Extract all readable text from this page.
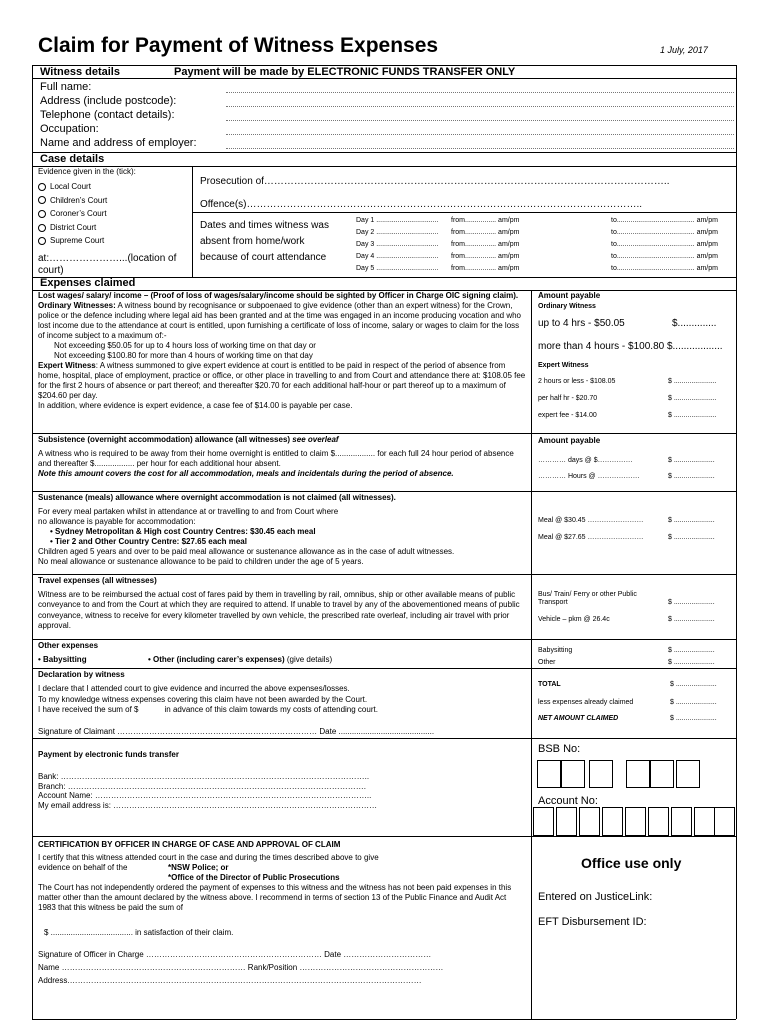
Claim for Payment of Witness Expenses	1 July, 2017
Witness details	Payment will be made by ELECTRONIC FUNDS TRANSFER ONLY
Full name:
Address (include postcode):
Telephone (contact details):
Occupation:
Name and address of employer:
Case details
Evidence given in the (tick):
Local Court
Children’s Court
Coroner’s Court
District Court
Supreme Court
at:…………………...(location of court)
Prosecution of…………………………………………………………………………………………………………..
Offence(s)………………………………………………………………………………………………………..
Dates and times witness was absent from home/work because of court attendance
Day 1 ................................ from................ am/pm	to........................................ am/pm
Day 2 ................................ from................ am/pm	to........................................ am/pm
Day 3 ................................ from................ am/pm	to........................................ am/pm
Day 4 ................................ from................ am/pm	to........................................ am/pm
Day 5 ................................ from................ am/pm	to........................................ am/pm
Expenses claimed

Lost wages/ salary/ income – (Proof of loss of wages/salary/income should be sighted by Officer in Charge OIC signing claim).

Ordinary Witnesses: A witness bound by recognisance or subpoenaed to give evidence (other than an expert witness) for the Crown, police or the defence including where legal aid has been granted and at the time was engaged in an income producing vocation and who lost income due to the attendance at court is entitled, upon furnishing a certificate of loss of income, salary or wages to claim for the loss of income subject to a maximum of:-

Not exceeding $50.05 for up to 4 hours loss of working time on that day or

Not exceeding $100.80 for more than 4 hours of working time on that day

Expert Witness: A witness summoned to give expert evidence at court is entitled to be paid in respect of the period of absence from home, hospital, place of employment, practice or office, or other place in travelling to and from Court and attendance there at: $108.05 fee for the first 2 hours of absence or part thereof; and thereafter $20.70 for each additional half-hour or part thereof up to a maximum of $204.60 per day.

In addition, where evidence is expert evidence, a case fee of $14.00 is payable per case.

Amount payable
Ordinary Witness
up to 4 hrs - $50.05	$..............
more than 4 hours - $100.80 $..................
Expert Witness
2 hours or less - $108.05	$ ......................
per half hr - $20.70	$ ......................
expert fee - $14.00	$ ......................

Subsistence (overnight accommodation) allowance (all witnesses) see overleaf

A witness who is required to be away from their home overnight is entitled to claim $.................. for each full 24 hour period of absence and thereafter $.................. per hour for each additional hour absent.

Note this amount covers the cost for all accommodation, meals and incidentals during the period of absence.

Amount payable
………… days @ $……………	$ .....................
………… Hours @ ………………	$ .....................

Sustenance (meals) allowance where overnight accommodation is not claimed (all witnesses).

For every meal partaken whilst in attendance at or travelling to and from Court where

no allowance is payable for accommodation:

• Sydney Metropolitan & High cost Country Centres: $30.45 each meal

• Tier 2 and Other Country Centre: $27.65 each meal

Children aged 5 years and over to be paid meal allowance or sustenance allowance as in the case of adult witnesses.

No meal allowance or sustenance allowance to be paid to children under the age of 5 years.

Meal @ $30.45 ……………………	$ .....................
Meal @ $27.65 ……………………	$ .....................

Travel expenses (all witnesses)

Witness are to be reimbursed the actual cost of fares paid by them in travelling by rail, omnibus, ship or other available means of public conveyance to and from the Court at which they are required to attend. If unable to travel by any of the abovementioned means of public conveyance, witness to receive for every kilometer travelled by own vehicle, the prescribed rate overleaf, including air travel with prior approval.

Bus/ Train/ Ferry or other Public Transport	$ .....................
Vehicle – pkm @ 26.4c	$ .....................
Other expenses
• Babysitting	• Other (including carer’s expenses) (give details)
Babysitting	$ .....................
Other	$ .....................
Declaration by witness

I declare that I attended court to give evidence and incurred the above expenses/losses.

To my knowledge witness expenses covering this claim have not been awarded by the Court.

I have received the sum of $	in advance of this claim towards my costs of attending court.

Signature of Claimant ………………………………………………………………… Date ...........................................
TOTAL	$ .....................
less expenses already claimed	$ .....................
NET AMOUNT CLAIMED	$ .....................
Payment by electronic funds transfer

Bank: ……………………………………………………………………………………………………..

Branch: ………………………………………………………………………………………………….

Account Name: …………………………………………………………………………………………..

My email address is: ………………………………………………………………………………………

BSB No:
Account No:
CERTIFICATION BY OFFICER IN CHARGE OF CASE AND APPROVAL OF CLAIM

I certify that this witness attended court in the case and during the times described above to give

evidence on behalf of the	*NSW Police; or

*Office of the Director of Public Prosecutions

The Court has not independently ordered the payment of expenses to this witness and the witness has not been paid expenses in this matter other than the amount declared by the witness above. I recommend in terms of section 13 of the Public Finance and Audit Act 1983 that this witness be paid the sum of

$ ..................................... in satisfaction of their claim.
Signature of Officer in Charge ………………………………………………………… Date ……………………………
Name …………………………………………………………… Rank/Position ………………………………………………
Address.……………………………………………………………………………………………………………………
Office use only
Entered on JusticeLink:
EFT Disbursement ID:
